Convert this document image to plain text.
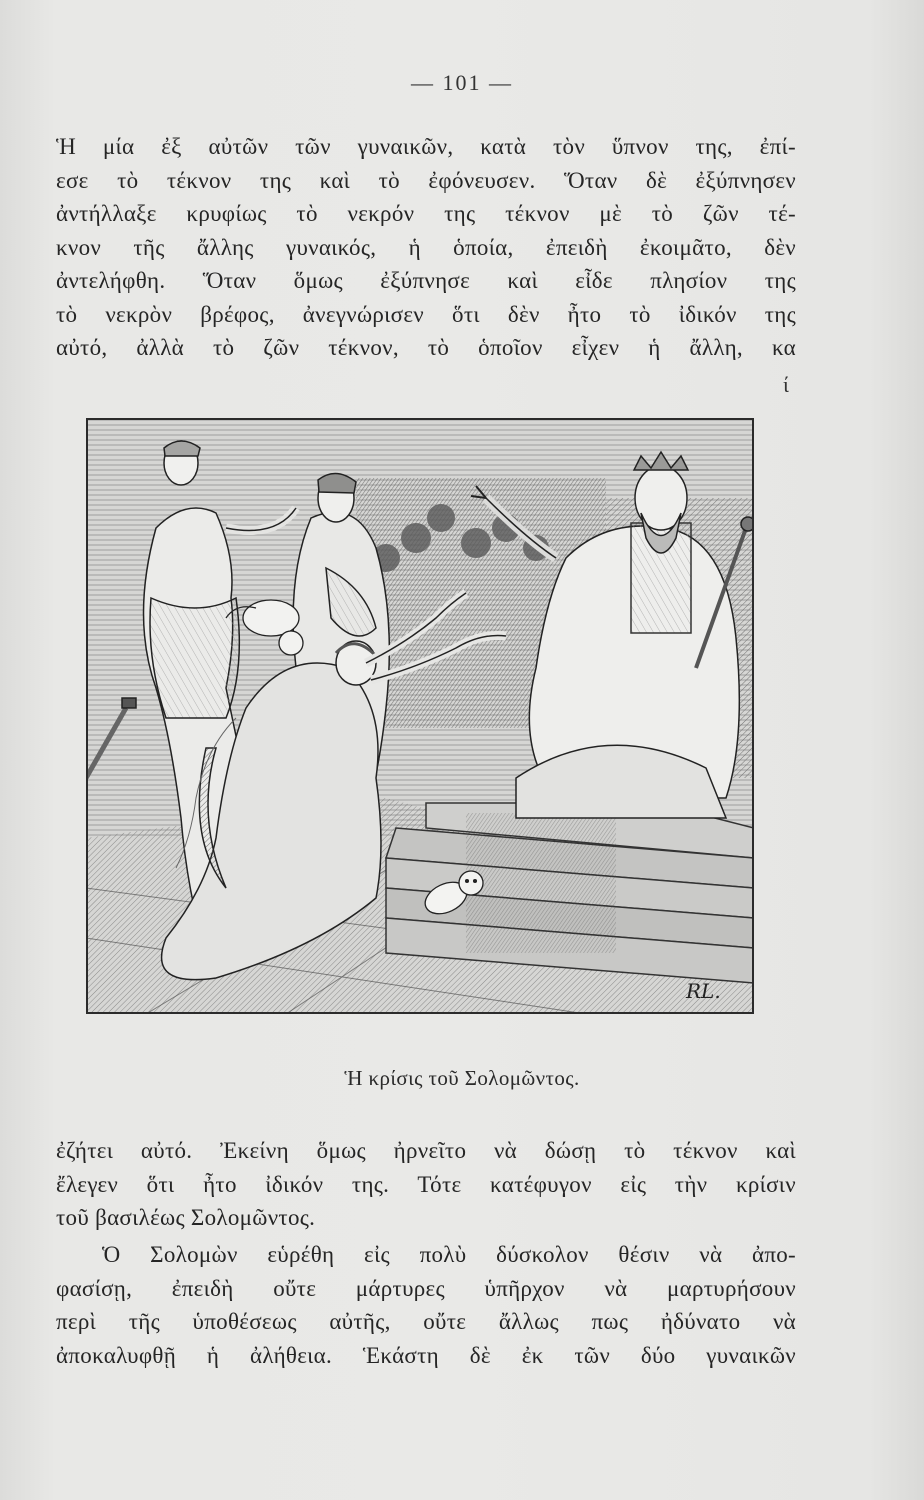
— 101 —

Ἡ μία ἐξ αὐτῶν τῶν γυναικῶν, κατὰ τὸν ὕπνον της, ἐπί-
εσε τὸ τέκνον της καὶ τὸ ἐφόνευσεν. Ὅταν δὲ ἐξύπνησεν
ἀντήλλαξε κρυφίως τὸ νεκρόν της τέκνον μὲ τὸ ζῶν τέ-
κνον τῆς ἄλλης γυναικός, ἡ ὁποία, ἐπειδὴ ἐκοιμᾶτο, δὲν
ἀντελήφθη. Ὅταν ὅμως ἐξύπνησε καὶ εἶδε πλησίον της
τὸ νεκρὸν βρέφος, ἀνεγνώρισεν ὅτι δὲν ἦτο τὸ ἰδικόν της
αὐτό, ἀλλὰ τὸ ζῶν τέκνον, τὸ ὁποῖον εἶχεν ἡ ἄλλη, κα

ί
RL.
Ἡ κρίσις τοῦ Σολομῶντος.

ἐζήτει αὐτό. Ἐκείνη ὅμως ἠρνεῖτο νὰ δώσῃ τὸ τέκνον καὶ
ἔλεγεν ὅτι ἦτο ἰδικόν της. Τότε κατέφυγον εἰς τὴν κρίσιν
τοῦ βασιλέως Σολομῶντος.

Ὁ Σολομὼν εὑρέθη εἰς πολὺ δύσκολον θέσιν νὰ ἀπο-
φασίσῃ, ἐπειδὴ οὔτε μάρτυρες ὑπῆρχον νὰ μαρτυρήσουν
περὶ τῆς ὑποθέσεως αὐτῆς, οὔτε ἄλλως πως ἠδύνατο νὰ
ἀποκαλυφθῇ ἡ ἀλήθεια. Ἑκάστη δὲ ἐκ τῶν δύο γυναικῶν
